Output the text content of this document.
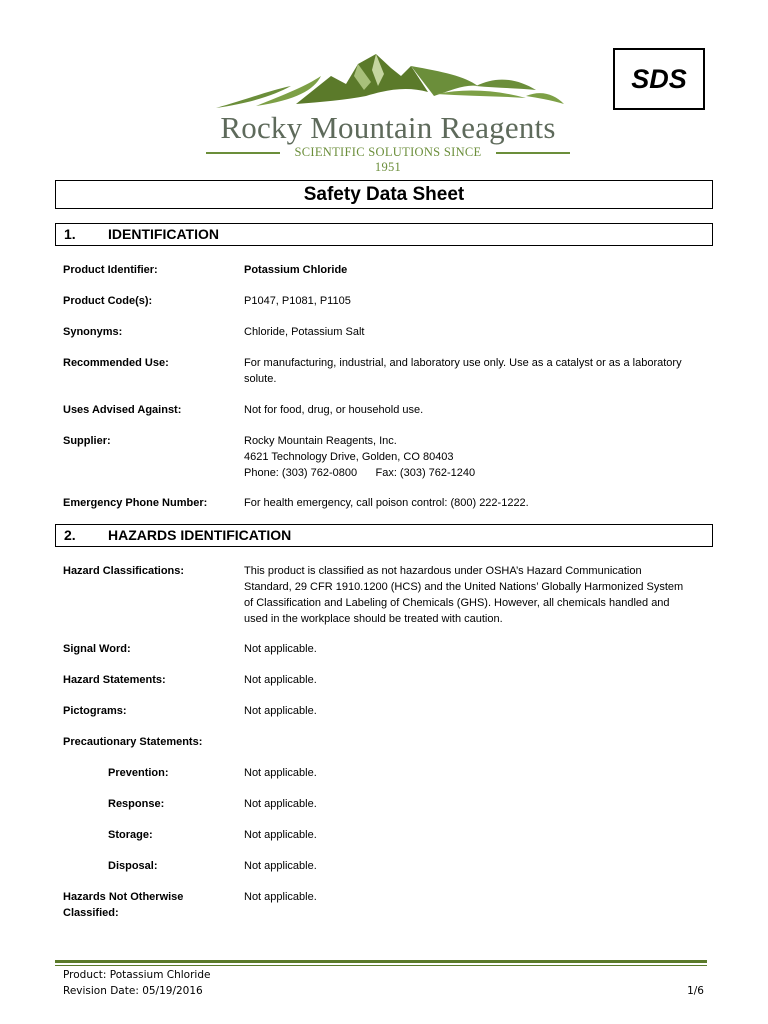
Rocky Mountain Reagents
SCIENTIFIC SOLUTIONS SINCE 1951
SDS
Safety Data Sheet
1. IDENTIFICATION
Product Identifier:	Potassium Chloride
Product Code(s):	P1047, P1081, P1105
Synonyms:	Chloride, Potassium Salt
Recommended Use:	For manufacturing, industrial, and laboratory use only. Use as a catalyst or as a laboratory
solute.
Uses Advised Against:	Not for food, drug, or household use.
Supplier:	Rocky Mountain Reagents, Inc.
4621 Technology Drive, Golden, CO 80403
Phone: (303) 762-0800      Fax: (303) 762-1240
Emergency Phone Number:	For health emergency, call poison control: (800) 222-1222.
2. HAZARDS IDENTIFICATION
Hazard Classifications:	This product is classified as not hazardous under OSHA’s Hazard Communication
Standard, 29 CFR 1910.1200 (HCS) and the United Nations’ Globally Harmonized System
of Classification and Labeling of Chemicals (GHS). However, all chemicals handled and
used in the workplace should be treated with caution.
Signal Word:	Not applicable.
Hazard Statements:	Not applicable.
Pictograms:	Not applicable.
Precautionary Statements:
Prevention:	Not applicable.
Response:	Not applicable.
Storage:	Not applicable.
Disposal:	Not applicable.
Hazards Not Otherwise
Classified:
Not applicable.
Product: Potassium Chloride
Revision Date: 05/19/2016	1/6
